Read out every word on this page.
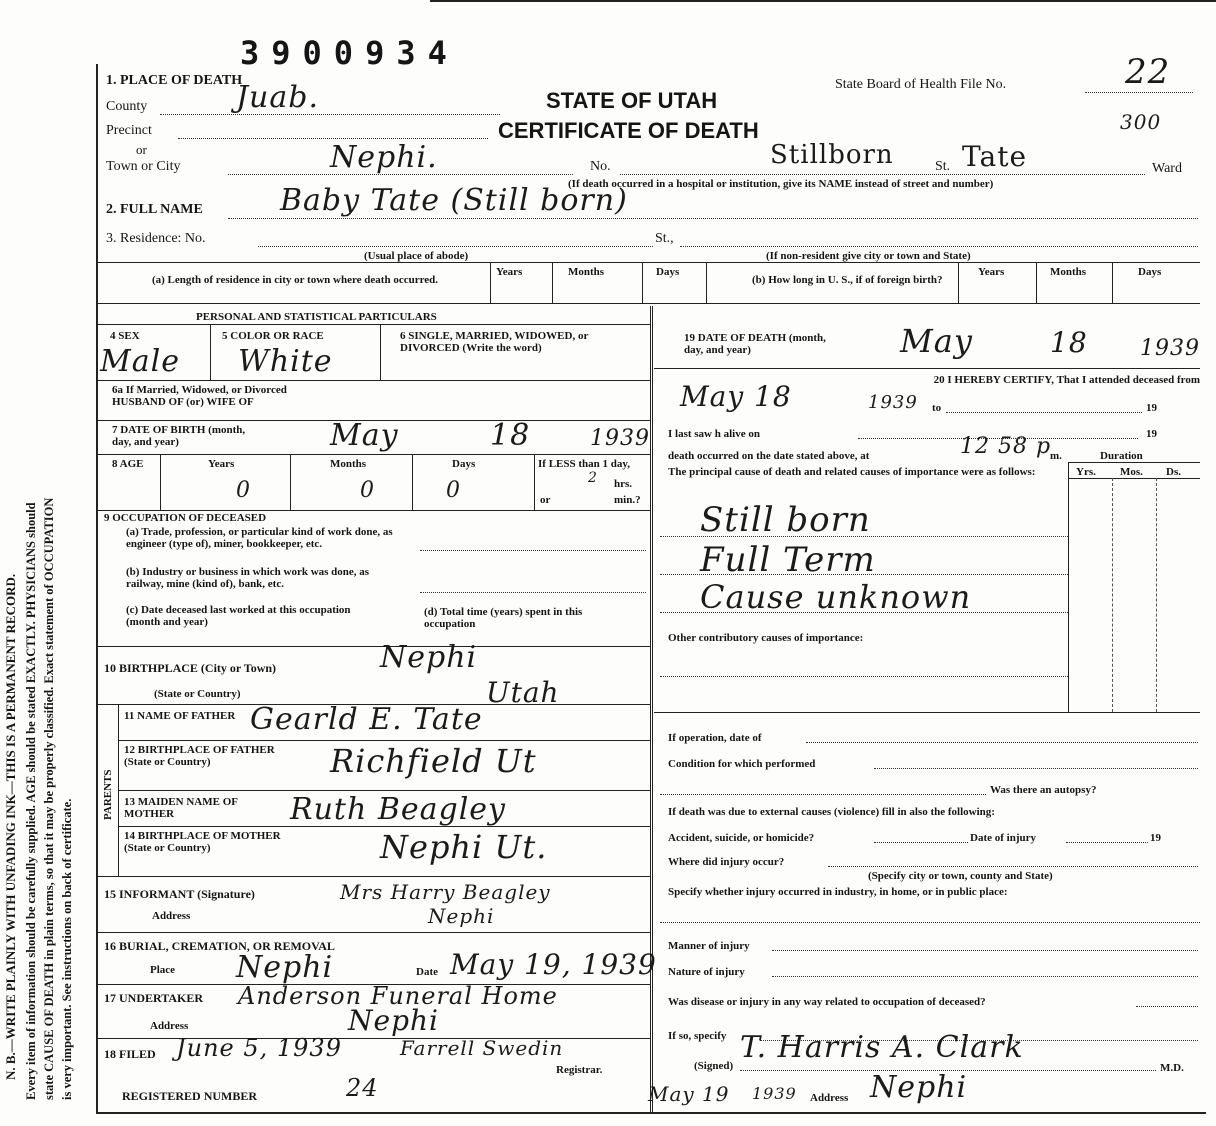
N. B.—WRITE PLAINLY WITH UNFADING INK—THIS IS A PERMANENT RECORD. Every item of information should be carefully supplied. AGE should be stated EXACTLY. PHYSICIANS should state CAUSE OF DEATH in plain terms, so that it may be properly classified. Exact statement of OCCUPATION is very important. See instructions on back of certificate.
3900934
State Board of Health File No.	22
300
STATE OF UTAH
CERTIFICATE OF DEATH
1. PLACE OF DEATH
County	Juab.
Precinct
or
Town or City	Nephi.	No.	Stillborn	St. Tate	Ward
(If death occurred in a hospital or institution, give its NAME instead of street and number)
2. FULL NAME	Baby Tate (Still born)
3. Residence: No.	St.,
(Usual place of abode)	(If non-resident give city or town and State)
(a) Length of residence in city or town where death occurred.
Years	Months	Days
(b) How long in U. S., if of foreign birth?
Years	Months	Days
PERSONAL AND STATISTICAL PARTICULARS
4 SEX
Male
5 COLOR OR RACE
White
6 SINGLE, MARRIED, WIDOWED, or DIVORCED (Write the word)
6a If Married, Widowed, or Divorced HUSBAND OF (or) WIFE OF
7 DATE OF BIRTH (month, day, and year)	May	18	1939
8 AGE	Years	Months	Days
0	0	0
If LESS than 1 day,
2 hrs.
or	min.?
9 OCCUPATION OF DECEASED
(a) Trade, profession, or particular kind of work done, as engineer (type of), miner, bookkeeper, etc.
(b) Industry or business in which work was done, as railway, mine (kind of), bank, etc.
(c) Date deceased last worked at this occupation (month and year)
(d) Total time (years) spent in this occupation
10 BIRTHPLACE (City or Town)	Nephi
(State or Country)	Utah
PARENTS
11 NAME OF FATHER Gearld E. Tate
12 BIRTHPLACE OF FATHER (State or Country)	Richfield Ut
13 MAIDEN NAME OF MOTHER	Ruth Beagley
14 BIRTHPLACE OF MOTHER (State or Country)	Nephi Ut.
15 INFORMANT (Signature)	Mrs Harry Beagley
Address	Nephi
16 BURIAL, CREMATION, OR REMOVAL
Place Nephi	Date May 19, 1939
17 UNDERTAKER Anderson Funeral Home
Address	Nephi
18 FILED June 5, 1939	Farrell Swedin
Registrar.
REGISTERED NUMBER	24
19 DATE OF DEATH (month, day, and year)	May	18 1939
20 I HEREBY CERTIFY, That I attended deceased from
May 18	1939 to	19
I last saw h alive on	19
death occurred on the date stated above, at	12 58 p
m.	Duration
The principal cause of death and related causes of importance were as follows:	Yrs. Mos. Ds.
Still born
Full Term
Cause unknown
Other contributory causes of importance:
If operation, date of
Condition for which performed
Was there an autopsy?
If death was due to external causes (violence) fill in also the following:
Accident, suicide, or homicide?	Date of injury	19
Where did injury occur?
(Specify city or town, county and State)
Specify whether injury occurred in industry, in home, or in public place:
Manner of injury
Nature of injury
Was disease or injury in any way related to occupation of deceased?
If so, specify
(Signed)
T. Harris A. Clark
M.D.
May 19 1939 Address Nephi
